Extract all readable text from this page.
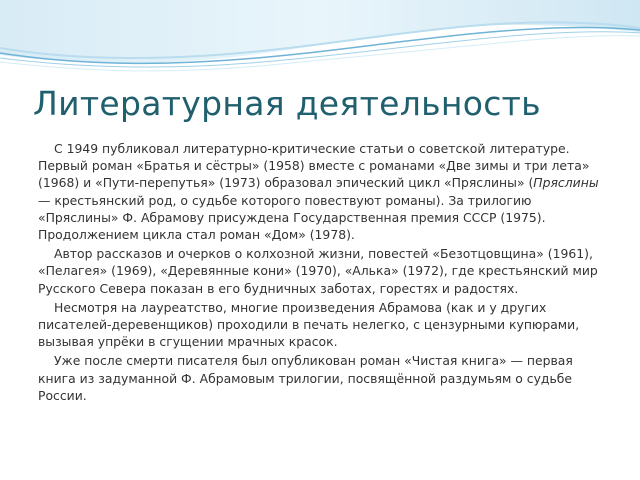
Литературная деятельность

С 1949 публиковал литературно-критические статьи о советской литературе. Первый роман «Братья и сёстры» (1958) вместе с романами «Две зимы и три лета» (1968) и «Пути-перепутья» (1973) образовал эпический цикл «Пряслины» (Пряслины — крестьянский род, о судьбе которого повествуют романы). За трилогию «Пряслины» Ф. Абрамову присуждена Государственная премия СССР (1975). Продолжением цикла стал роман «Дом» (1978).

Автор рассказов и очерков о колхозной жизни, повестей «Безотцовщина» (1961), «Пелагея» (1969), «Деревянные кони» (1970), «Алька» (1972), где крестьянский мир Русского Севера показан в его будничных заботах, горестях и радостях.

Несмотря на лауреатство, многие произведения Абрамова (как и у других писателей-деревенщиков) проходили в печать нелегко, с цензурными купюрами, вызывая упрёки в сгущении мрачных красок.

Уже после смерти писателя был опубликован роман «Чистая книга» — первая книга из задуманной Ф. Абрамовым трилогии, посвящённой раздумьям о судьбе России.
